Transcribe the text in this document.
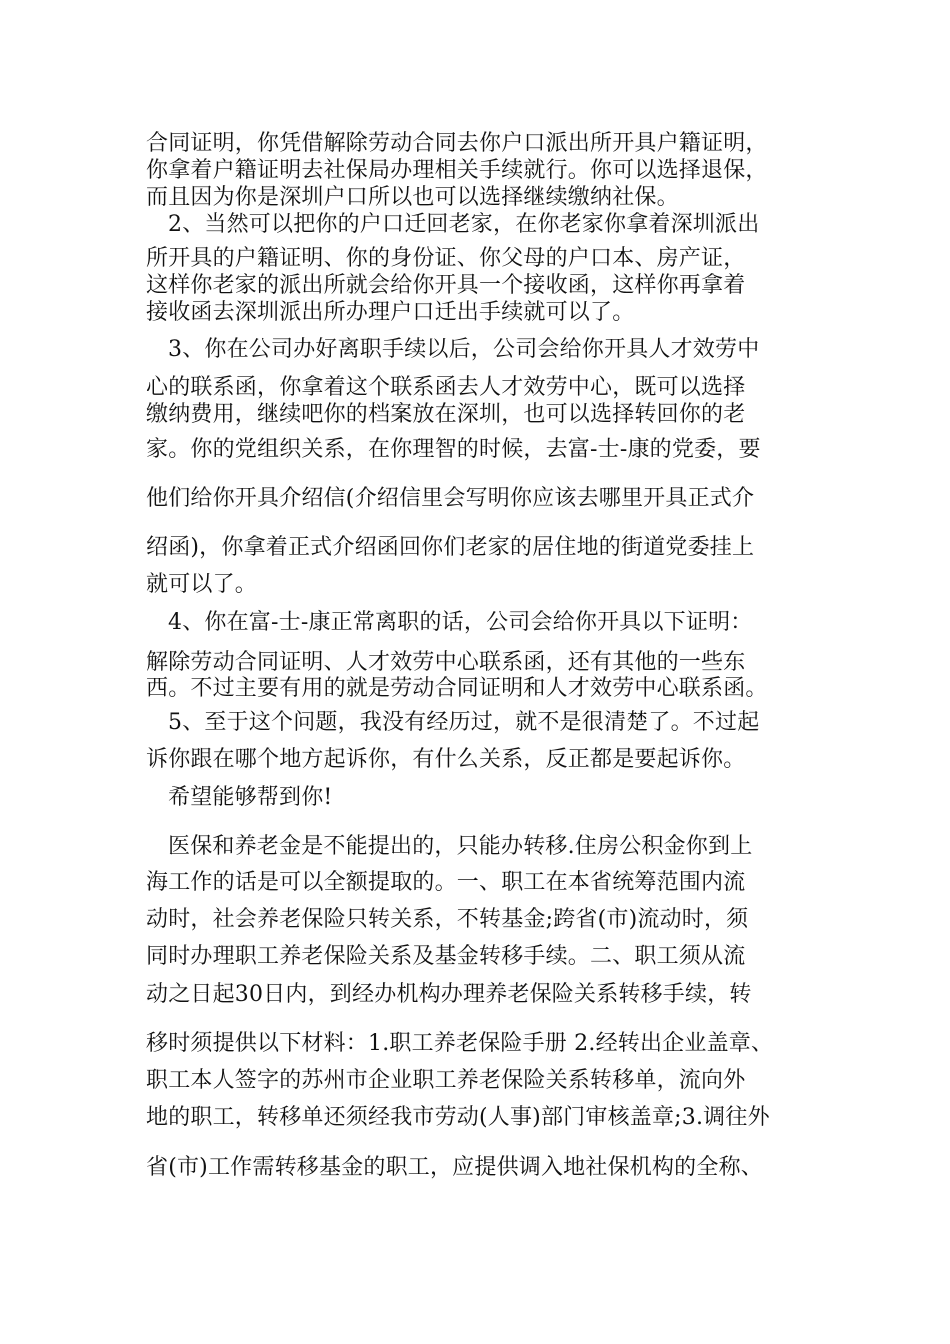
合同证明，你凭借解除劳动合同去你户口派出所开具户籍证明，
你拿着户籍证明去社保局办理相关手续就行。你可以选择退保，
而且因为你是深圳户口所以也可以选择继续缴纳社保。
2、当然可以把你的户口迁回老家，在你老家你拿着深圳派出
所开具的户籍证明、你的身份证、你父母的户口本、房产证，
这样你老家的派出所就会给你开具一个接收函，这样你再拿着
接收函去深圳派出所办理户口迁出手续就可以了。
3、你在公司办好离职手续以后，公司会给你开具人才效劳中
心的联系函，你拿着这个联系函去人才效劳中心，既可以选择
缴纳费用，继续吧你的档案放在深圳，也可以选择转回你的老
家。你的党组织关系，在你理智的时候，去富-士-康的党委，要
他们给你开具介绍信(介绍信里会写明你应该去哪里开具正式介
绍函)，你拿着正式介绍函回你们老家的居住地的街道党委挂上
就可以了。
4、你在富-士-康正常离职的话，公司会给你开具以下证明：
解除劳动合同证明、人才效劳中心联系函，还有其他的一些东
西。不过主要有用的就是劳动合同证明和人才效劳中心联系函。
5、至于这个问题，我没有经历过，就不是很清楚了。不过起
诉你跟在哪个地方起诉你，有什么关系，反正都是要起诉你。
希望能够帮到你!
医保和养老金是不能提出的，只能办转移.住房公积金你到上
海工作的话是可以全额提取的。一、职工在本省统筹范围内流
动时，社会养老保险只转关系，不转基金;跨省(市)流动时，须
同时办理职工养老保险关系及基金转移手续。二、职工须从流
动之日起30日内，到经办机构办理养老保险关系转移手续，转
移时须提供以下材料：1.职工养老保险手册 2.经转出企业盖章、
职工本人签字的苏州市企业职工养老保险关系转移单，流向外
地的职工，转移单还须经我市劳动(人事)部门审核盖章;3.调往外
省(市)工作需转移基金的职工，应提供调入地社保机构的全称、
